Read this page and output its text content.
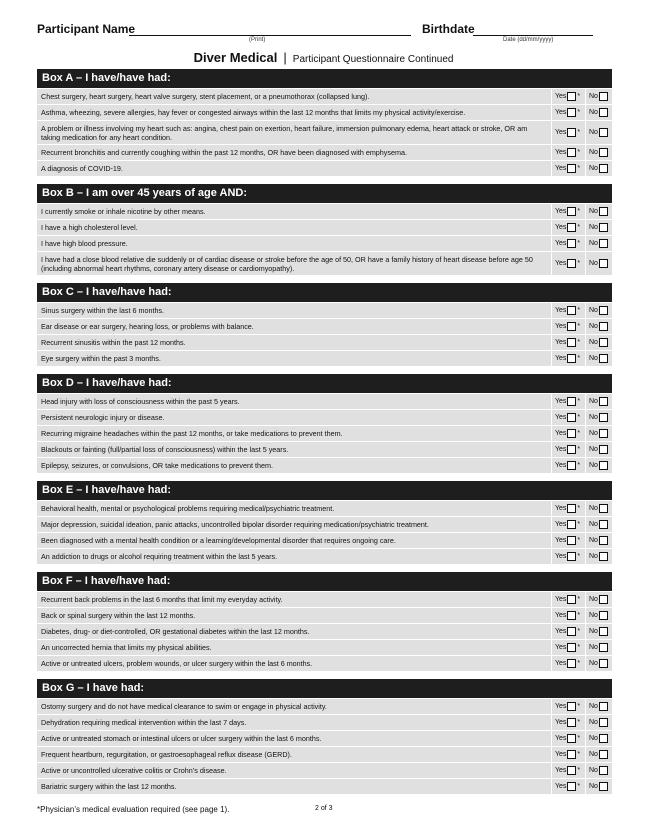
Participant Name
(Print)
Birthdate
Date (dd/mm/yyyy)
Diver Medical | Participant Questionnaire Continued
Box A – I have/have had:
Chest surgery, heart surgery, heart valve surgery, stent placement, or a pneumothorax (collapsed lung).	Yes * No
Asthma, wheezing, severe allergies, hay fever or congested airways within the last 12 months that limits my physical activity/exercise.	Yes * No
A problem or illness involving my heart such as: angina, chest pain on exertion, heart failure, immersion pulmonary edema, heart attack or stroke, OR am taking medication for any heart condition.	Yes * No
Recurrent bronchitis and currently coughing within the past 12 months, OR have been diagnosed with emphysema.	Yes * No
A diagnosis of COVID-19.	Yes * No
Box B – I am over 45 years of age AND:
I currently smoke or inhale nicotine by other means.	Yes * No
I have a high cholesterol level.	Yes * No
I have high blood pressure.	Yes * No
I have had a close blood relative die suddenly or of cardiac disease or stroke before the age of 50, OR have a family history of heart disease before age 50 (including abnormal heart rhythms, coronary artery disease or cardiomyopathy).	Yes * No
Box C – I have/have had:
Sinus surgery within the last 6 months.	Yes * No
Ear disease or ear surgery, hearing loss, or problems with balance.	Yes * No
Recurrent sinusitis within the past 12 months.	Yes * No
Eye surgery within the past 3 months.	Yes * No
Box D – I have/have had:
Head injury with loss of consciousness within the past 5 years.	Yes * No
Persistent neurologic injury or disease.	Yes * No
Recurring migraine headaches within the past 12 months, or take medications to prevent them.	Yes * No
Blackouts or fainting (full/partial loss of consciousness) within the last 5 years.	Yes * No
Epilepsy, seizures, or convulsions, OR take medications to prevent them.	Yes * No
Box E – I have/have had:
Behavioral health, mental or psychological problems requiring medical/psychiatric treatment.	Yes * No
Major depression, suicidal ideation, panic attacks, uncontrolled bipolar disorder requiring medication/psychiatric treatment.	Yes * No
Been diagnosed with a mental health condition or a learning/developmental disorder that requires ongoing care.	Yes * No
An addiction to drugs or alcohol requiring treatment within the last 5 years.	Yes * No
Box F – I have/have had:
Recurrent back problems in the last 6 months that limit my everyday activity.	Yes * No
Back or spinal surgery within the last 12 months.	Yes * No
Diabetes, drug- or diet-controlled, OR gestational diabetes within the last 12 months.	Yes * No
An uncorrected hernia that limits my physical abilities.	Yes * No
Active or untreated ulcers, problem wounds, or ulcer surgery within the last 6 months.	Yes * No
Box G – I have had:
Ostomy surgery and do not have medical clearance to swim or engage in physical activity.	Yes * No
Dehydration requiring medical intervention within the last 7 days.	Yes * No
Active or untreated stomach or intestinal ulcers or ulcer surgery within the last 6 months.	Yes * No
Frequent heartburn, regurgitation, or gastroesophageal reflux disease (GERD).	Yes * No
Active or uncontrolled ulcerative colitis or Crohn’s disease.	Yes * No
Bariatric surgery within the last 12 months.	Yes * No
*Physician’s medical evaluation required (see page 1).	2 of 3
